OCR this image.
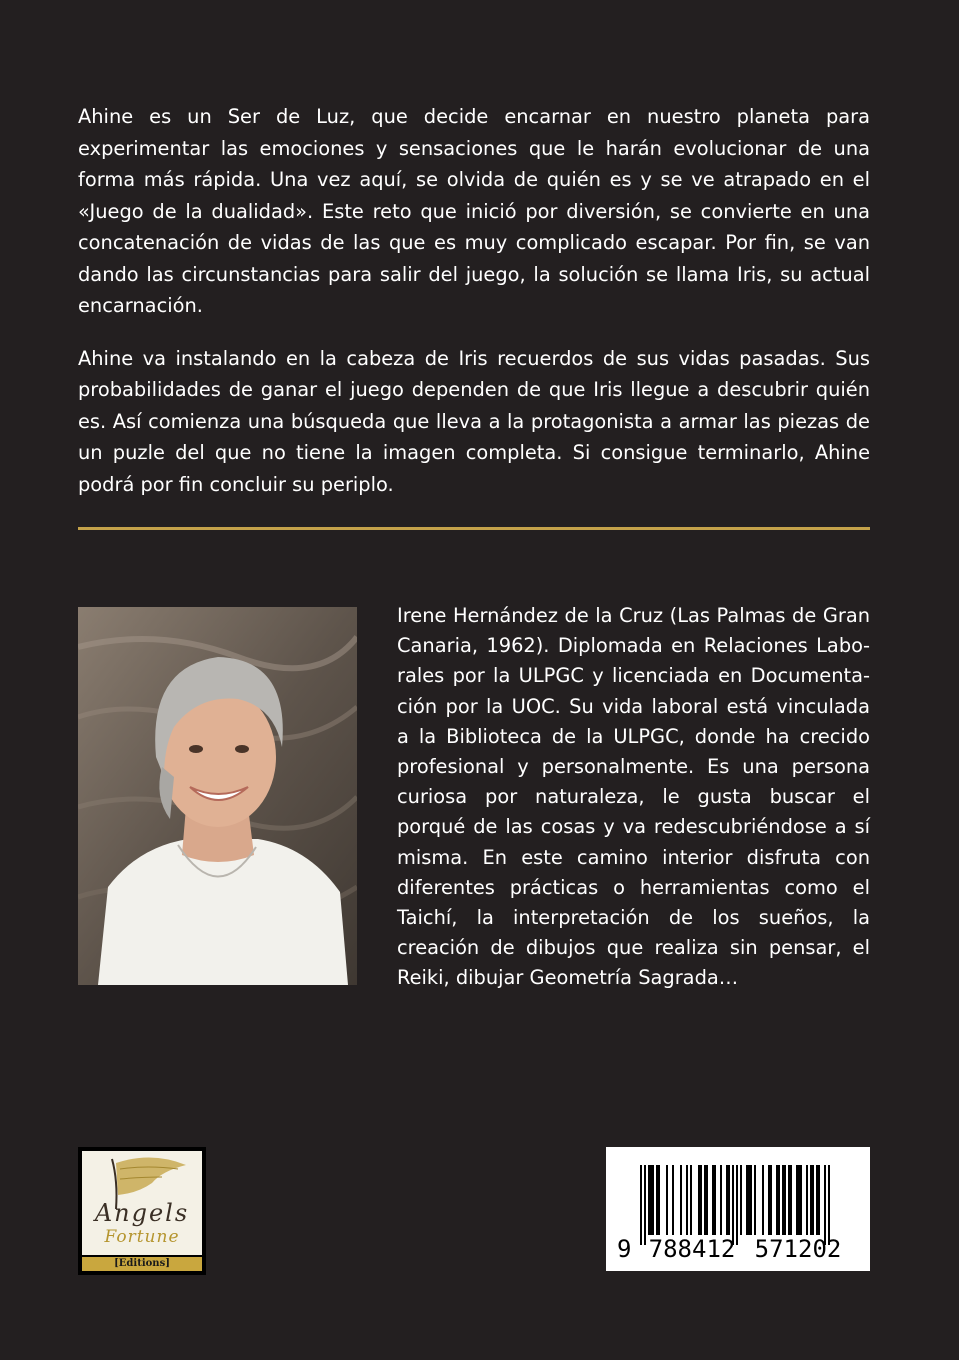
Ahine es un Ser de Luz, que decide encarnar en nuestro planeta para experimentar las emociones y sensaciones que le harán evolucionar de una forma más rápida. Una vez aquí, se olvida de quién es y se ve atrapado en el «Juego de la dualidad». Este reto que inició por diversión, se convierte en una concatenación de vidas de las que es muy complicado escapar. Por fin, se van dando las circunstancias para salir del juego, la solución se llama Iris, su actual encarnación.

Ahine va instalando en la cabeza de Iris recuerdos de sus vidas pasadas. Sus probabilidades de ganar el juego dependen de que Iris llegue a descubrir quién es. Así comienza una búsqueda que lleva a la protagonista a armar las piezas de un puzle del que no tiene la imagen completa. Si consigue terminarlo, Ahine podrá por fin concluir su periplo.

Irene Hernández de la Cruz (Las Palmas de Gran Canaria, 1962). Diplomada en Relaciones Laborales por la ULPGC y licenciada en Documentación por la UOC. Su vida laboral está vinculada a la Biblioteca de la ULPGC, donde ha crecido profesional y personalmente. Es una persona curiosa por naturaleza, le gusta buscar el porqué de las cosas y va redescubriéndose a sí misma. En este camino interior disfruta con diferentes prácticas o herramientas como el Taichí, la interpretación de los sueños, la creación de dibujos que realiza sin pensar, el Reiki, dibujar Geometría Sagrada…

Angels
Fortune
[Editions]
9 788412 571202
